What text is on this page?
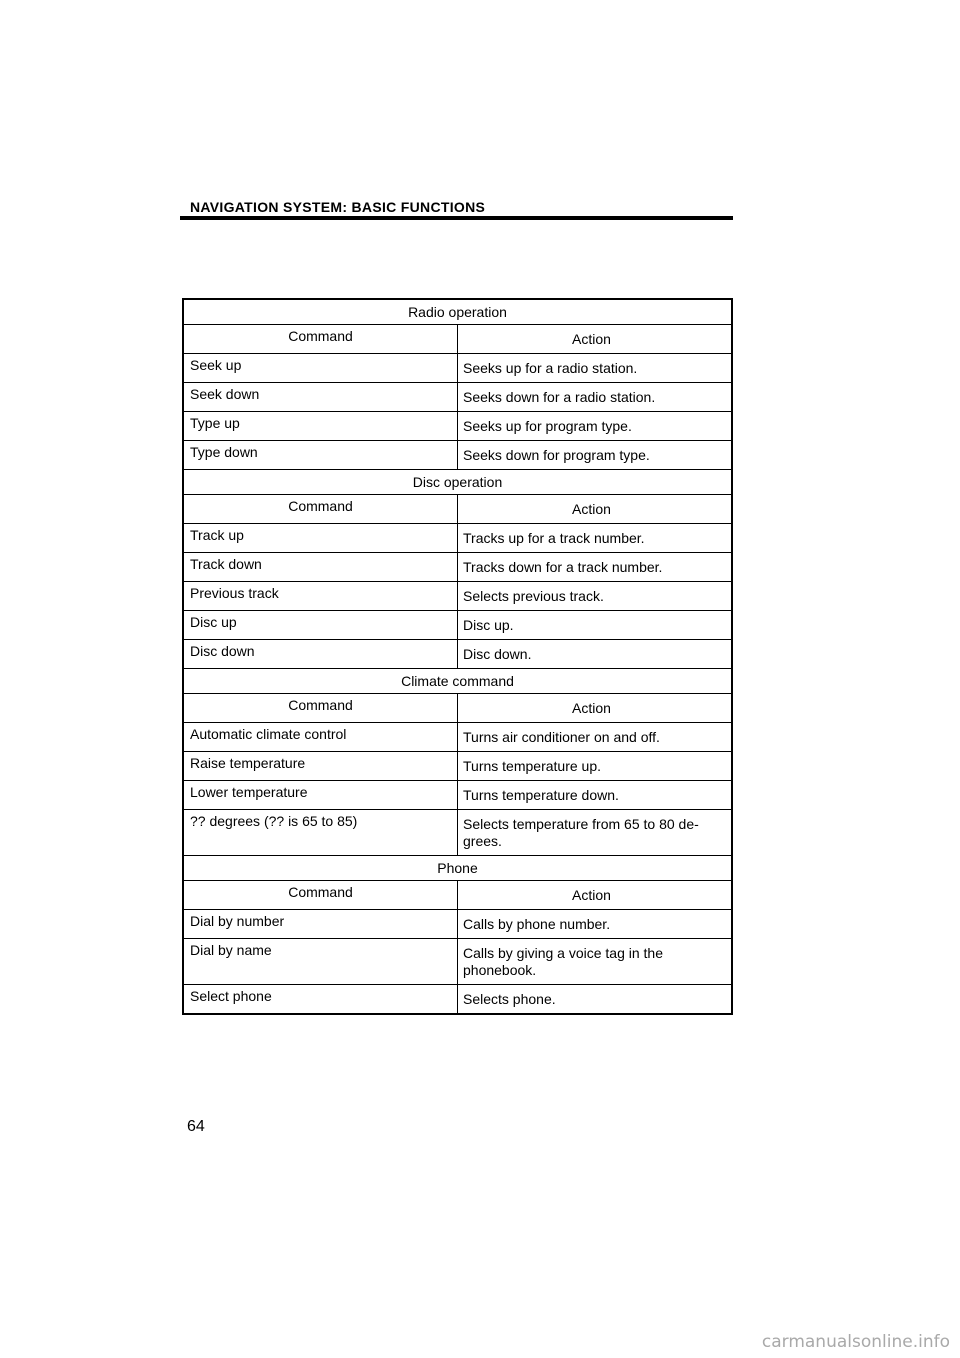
NAVIGATION SYSTEM: BASIC FUNCTIONS
Radio operation
Command	Action
Seek up	Seeks up for a radio station.
Seek down	Seeks down for a radio station.
Type up	Seeks up for program type.
Type down	Seeks down for program type.
Disc operation
Command	Action
Track up	Tracks up for a track number.
Track down	Tracks down for a track number.
Previous track	Selects previous track.
Disc up	Disc up.
Disc down	Disc down.
Climate command
Command	Action
Automatic climate control	Turns air conditioner on and off.
Raise temperature	Turns temperature up.
Lower temperature	Turns temperature down.
?? degrees (?? is 65 to 85)	Selects temperature from 65 to 80 de-
grees.
Phone
Command	Action
Dial by number	Calls by phone number.
Dial by name	Calls by giving a voice tag in the
phonebook.
Select phone	Selects phone.
64
carmanualsonline.info
